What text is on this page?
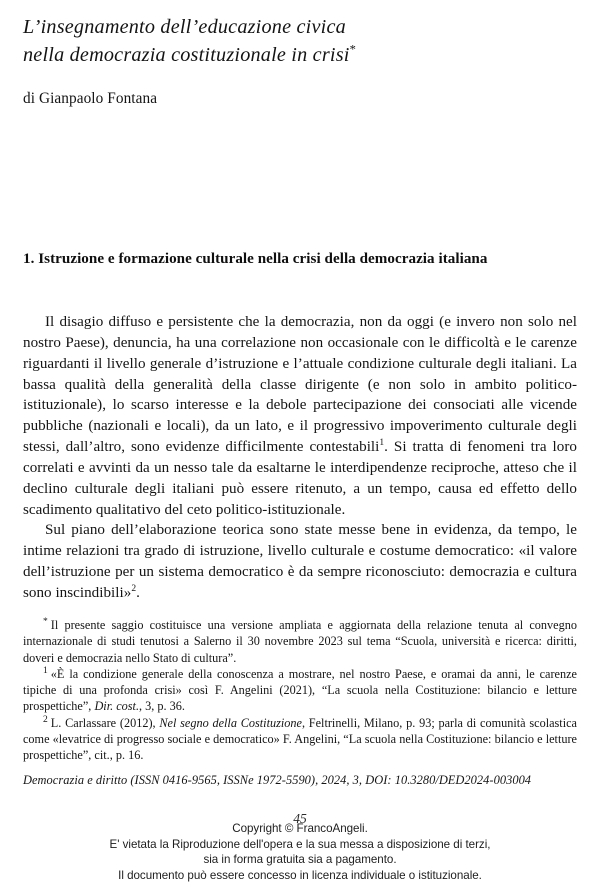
L’insegnamento dell’educazione civica
nella democrazia costituzionale in crisi*

di Gianpaolo Fontana

1. Istruzione e formazione culturale nella crisi della democrazia italiana

Il disagio diffuso e persistente che la democrazia, non da oggi (e invero non solo nel nostro Paese), denuncia, ha una correlazione non occasionale con le difficoltà e le carenze riguardanti il livello generale d’istruzione e l’attuale condizione culturale degli italiani. La bassa qualità della generalità della classe dirigente (e non solo in ambito politico-istituzionale), lo scarso interesse e la debole partecipazione dei consociati alle vicende pubbliche (nazionali e locali), da un lato, e il progressivo impoverimento culturale degli stessi, dall’altro, sono evidenze difficilmente contestabili$^1$. Si tratta di fenomeni tra loro correlati e avvinti da un nesso tale da esaltarne le interdipendenze reciproche, atteso che il declino culturale degli italiani può essere ritenuto, a un tempo, causa ed effetto dello scadimento qualitativo del ceto politico-istituzionale.

Sul piano dell’elaborazione teorica sono state messe bene in evidenza, da tempo, le intime relazioni tra grado di istruzione, livello culturale e costume democratico: «il valore dell’istruzione per un sistema democratico è da sempre riconosciuto: democrazia e cultura sono inscindibili»$^2$.

* Il presente saggio costituisce una versione ampliata e aggiornata della relazione tenuta al convegno internazionale di studi tenutosi a Salerno il 30 novembre 2023 sul tema “Scuola, università e ricerca: diritti, doveri e democrazia nello Stato di cultura”.

$^1$ «È la condizione generale della conoscenza a mostrare, nel nostro Paese, e oramai da anni, le carenze tipiche di una profonda crisi» così F. Angelini (2021), “La scuola nella Costituzione: bilancio e letture prospettiche”, Dir. cost., 3, p. 36.

$^2$ L. Carlassare (2012), Nel segno della Costituzione, Feltrinelli, Milano, p. 93; parla di comunità scolastica come «levatrice di progresso sociale e democratico» F. Angelini, “La scuola nella Costituzione: bilancio e letture prospettiche”, cit., p. 16.

Democrazia e diritto (ISSN 0416-9565, ISSNe 1972-5590), 2024, 3, DOI: 10.3280/DED2024-003004
45
Copyright © FrancoAngeli.
E' vietata la Riproduzione dell'opera e la sua messa a disposizione di terzi,
sia in forma gratuita sia a pagamento.
Il documento può essere concesso in licenza individuale o istituzionale.
